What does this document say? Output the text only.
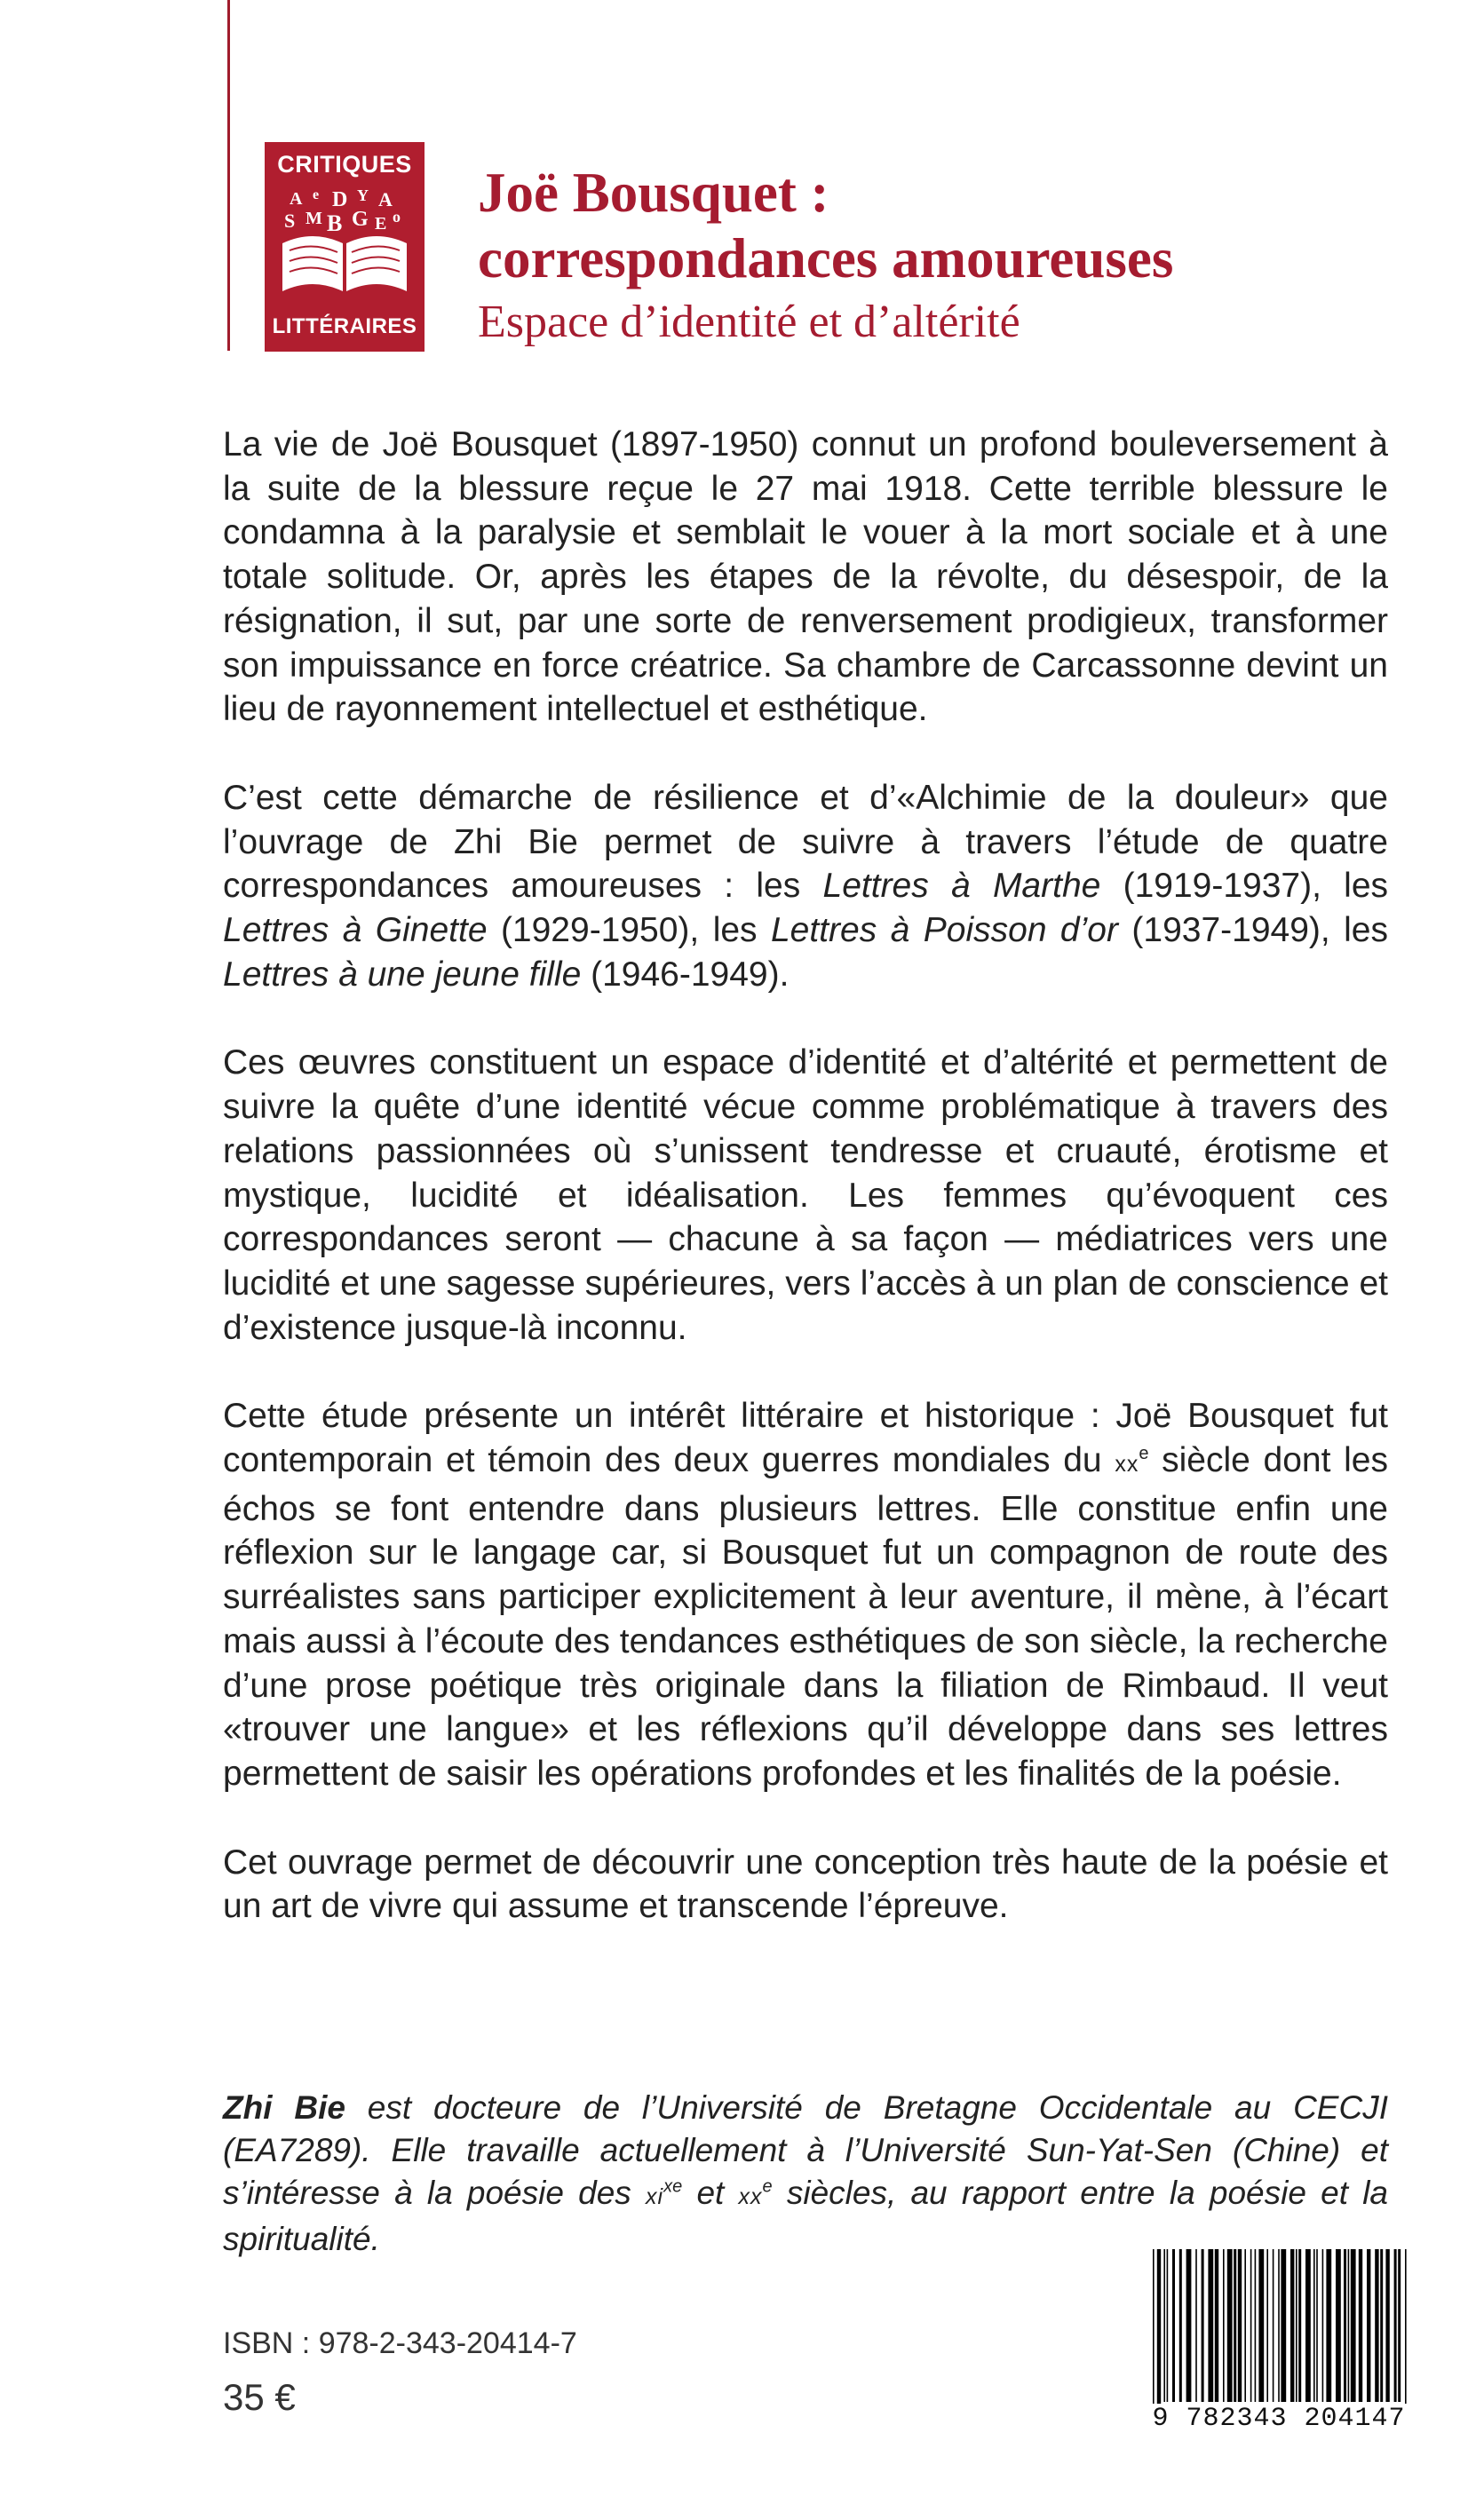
CRITIQUES
A e D Y A
S M B G E o
LITTÉRAIRES
Joë Bousquet :
correspondances amoureuses
Espace d’identité et d’altérité

La vie de Joë Bousquet (1897-1950) connut un profond bouleversement à la suite de la blessure reçue le 27 mai 1918. Cette terrible blessure le condamna à la paralysie et semblait le vouer à la mort sociale et à une totale solitude. Or, après les étapes de la révolte, du désespoir, de la résignation, il sut, par une sorte de renversement prodigieux, transformer son impuissance en force créatrice. Sa chambre de Carcassonne devint un lieu de rayonnement intellectuel et esthétique.

C’est cette démarche de résilience et d’«Alchimie de la douleur» que l’ouvrage de Zhi Bie permet de suivre à travers l’étude de quatre correspondances amoureuses : les Lettres à Marthe (1919-1937), les Lettres à Ginette (1929-1950), les Lettres à Poisson d’or (1937-1949), les Lettres à une jeune fille (1946-1949).

Ces œuvres constituent un espace d’identité et d’altérité et permettent de suivre la quête d’une identité vécue comme problématique à travers des relations passionnées où s’unissent tendresse et cruauté, érotisme et mystique, lucidité et idéalisation. Les femmes qu’évoquent ces correspondances seront — chacune à sa façon — médiatrices vers une lucidité et une sagesse supérieures, vers l’accès à un plan de conscience et d’existence jusque-là inconnu.

Cette étude présente un intérêt littéraire et historique : Joë Bousquet fut contemporain et témoin des deux guerres mondiales du $xx^e$ siècle dont les échos se font entendre dans plusieurs lettres. Elle constitue enfin une réflexion sur le langage car, si Bousquet fut un compagnon de route des surréalistes sans participer explicitement à leur aventure, il mène, à l’écart mais aussi à l’écoute des tendances esthétiques de son siècle, la recherche d’une prose poétique très originale dans la filiation de Rimbaud. Il veut «trouver une langue» et les réflexions qu’il développe dans ses lettres permettent de saisir les opérations profondes et les finalités de la poésie.

Cet ouvrage permet de découvrir une conception très haute de la poésie et un art de vivre qui assume et transcende l’épreuve.

Zhi Bie est docteure de l’Université de Bretagne Occidentale au CECJI (EA7289). Elle travaille actuellement à l’Université Sun-Yat-Sen (Chine) et s’intéresse à la poésie des $xi^{xe}$ et $xx^e$ siècles, au rapport entre la poésie et la spiritualité.
ISBN : 978-2-343-20414-7
35 €
9 782343 204147
